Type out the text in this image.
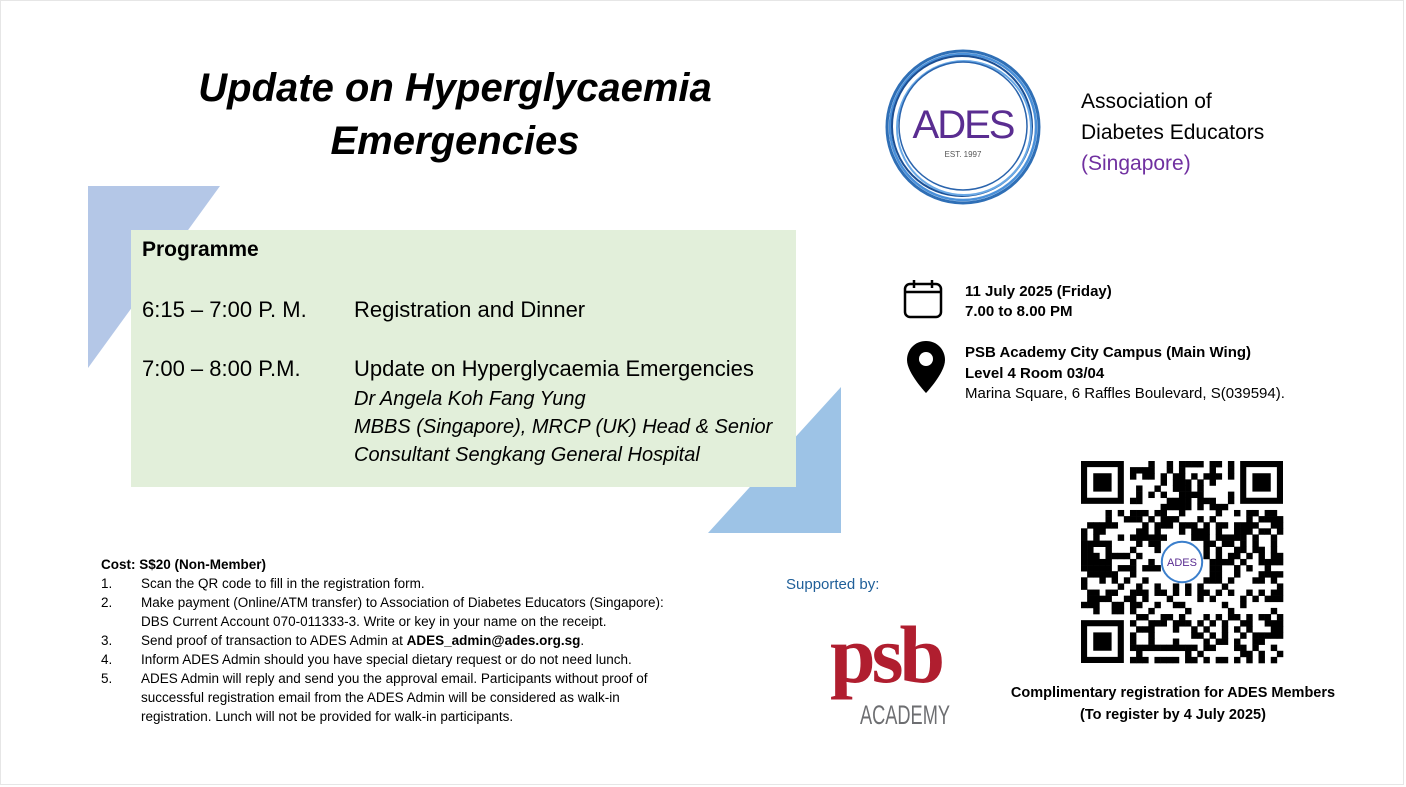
Update on Hyperglycaemia
Emergencies
Programme
6:15 – 7:00 P. M. Registration and Dinner
7:00 – 8:00 P.M. Update on Hyperglycaemia Emergencies
Dr Angela Koh Fang Yung
MBBS (Singapore), MRCP (UK) Head & Senior
Consultant Sengkang General Hospital
ADES
EST. 1997
Association of
Diabetes Educators
(Singapore)
11 July 2025 (Friday)
7.00 to 8.00 PM
PSB Academy City Campus (Main Wing)
Level 4 Room 03/04
Marina Square, 6 Raffles Boulevard, S(039594).
Cost: S$20 (Non-Member)
1. Scan the QR code to fill in the registration form.
2. Make payment (Online/ATM transfer) to Association of Diabetes Educators (Singapore):
DBS Current Account 070-011333-3. Write or key in your name on the receipt.
3. Send proof of transaction to ADES Admin at ADES_admin@ades.org.sg.
4. Inform ADES Admin should you have special dietary request or do not need lunch.
5. ADES Admin will reply and send you the approval email. Participants without proof of
successful registration email from the ADES Admin will be considered as walk-in
registration. Lunch will not be provided for walk-in participants.
Supported by:
psb
ACADEMY
ADES
Complimentary registration for ADES Members
(To register by 4 July 2025)
